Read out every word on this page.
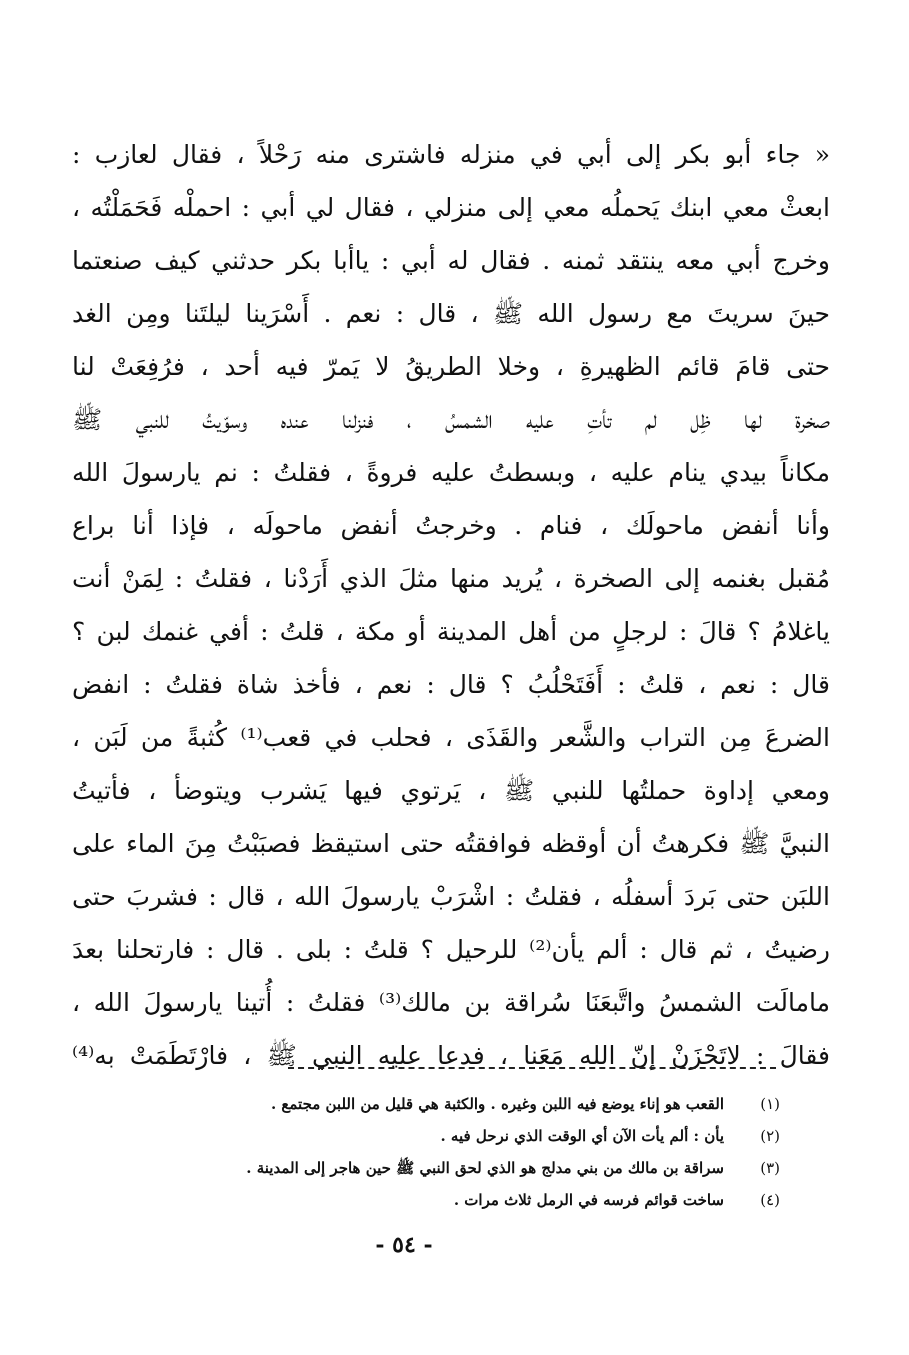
« جاء أبو بكر إلى أبي في منزله فاشترى منه رَحْلاً ، فقال لعازب :
ابعثْ معي ابنك يَحملُه معي إلى منزلي ، فقال لي أبي : احملْه فَحَمَلْتُه ،
وخرج أبي معه ينتقد ثمنه . فقال له أبي : ياأبا بكر حدثني كيف صنعتما
حينَ سريتَ مع رسول الله ﷺ ، قال : نعم . أَسْرَينا ليلتَنا ومِن الغد
حتى قامَ قائم الظهيرةِ ، وخلا الطريقُ لا يَمرّ فيه أحد ، فرُفِعَتْ لنا
صخرة لها ظِل لم تأتِ عليه الشمسُ ، فنزلنا عنده وسوّيتُ للنبي ﷺ
مكاناً بيدي ينام عليه ، وبسطتُ عليه فروةً ، فقلتُ : نم يارسولَ الله
وأنا أنفض ماحولَك ، فنام . وخرجتُ أنفض ماحولَه ، فإذا أنا براع
مُقبل بغنمه إلى الصخرة ، يُريد منها مثلَ الذي أَرَدْنا ، فقلتُ : لِمَنْ أنت
ياغلامُ ؟ قالَ : لرجلٍ من أهل المدينة أو مكة ، قلتُ : أفي غنمك لبن ؟
قال : نعم ، قلتُ : أَفَتَحْلُبُ ؟ قال : نعم ، فأخذ شاة فقلتُ : انفض
الضرعَ مِن التراب والشَّعر والقَذَى ، فحلب في قعب⁽¹⁾ كُثبةً من لَبَن ،
ومعي إداوة حملتُها للنبي ﷺ ، يَرتوي فيها يَشرب ويتوضأ ، فأتيتُ
النبيَّ ﷺ فكرهتُ أن أوقظه فوافقتُه حتى استيقظ فصبَبْتُ مِنَ الماء على
اللبَن حتى بَردَ أسفلُه ، فقلتُ : اشْرَبْ يارسولَ الله ، قال : فشربَ حتى
رضيتُ ، ثم قال : ألم يأن⁽²⁾ للرحيل ؟ قلتُ : بلى . قال : فارتحلنا بعدَ
مامالَت الشمسُ واتَّبعَنَا سُراقة بن مالك⁽³⁾ فقلتُ : أُتينا يارسولَ الله ،
فقالَ : لاتَحْزَنْ إنّ الله مَعَنا ، فدعا عليه النبي ﷺ ، فارْتَطَمَتْ به⁽⁴⁾
(١)
القعب هو إناء يوضع فيه اللبن وغيره . والكثبة هي قليل من اللبن مجتمع .
(٢)
يأن : ألم يأت الآن أي الوقت الذي نرحل فيه .
(٣)
سراقة بن مالك من بني مدلج هو الذي لحق النبي ﷺ حين هاجر إلى المدينة .
(٤)
ساخت قوائم فرسه في الرمل ثلاث مرات .
- ٥٤ -
